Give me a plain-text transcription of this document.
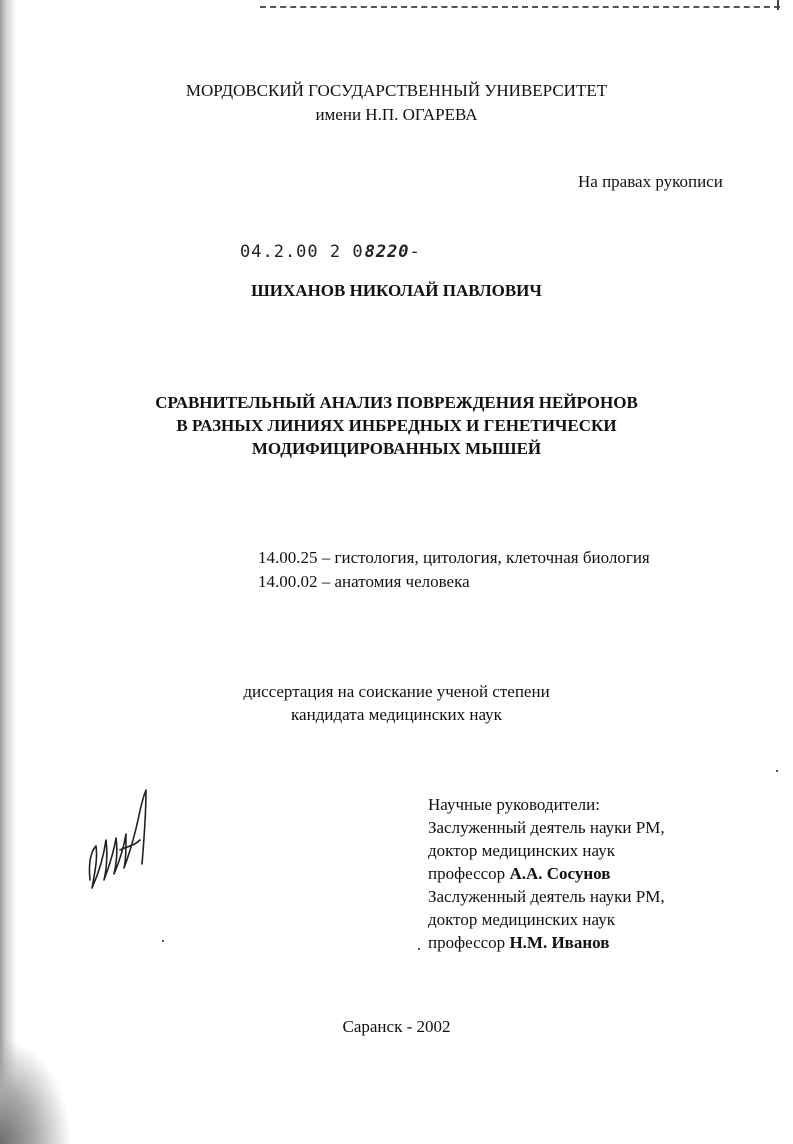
МОРДОВСКИЙ ГОСУДАРСТВЕННЫЙ УНИВЕРСИТЕТ
имени Н.П. ОГАРЕВА
На правах рукописи
04.2.00 2 08220-
ШИХАНОВ НИКОЛАЙ ПАВЛОВИЧ
СРАВНИТЕЛЬНЫЙ АНАЛИЗ ПОВРЕЖДЕНИЯ НЕЙРОНОВ
В РАЗНЫХ ЛИНИЯХ ИНБРЕДНЫХ И ГЕНЕТИЧЕСКИ
МОДИФИЦИРОВАННЫХ МЫШЕЙ
14.00.25 – гистология, цитология, клеточная биология
14.00.02 – анатомия человека
диссертация на соискание ученой степени
кандидата медицинских наук
Научные руководители:
Заслуженный деятель науки РМ,
доктор медицинских наук
профессор А.А. Сосунов
Заслуженный деятель науки РМ,
доктор медицинских наук
профессор Н.М. Иванов
Саранск - 2002
